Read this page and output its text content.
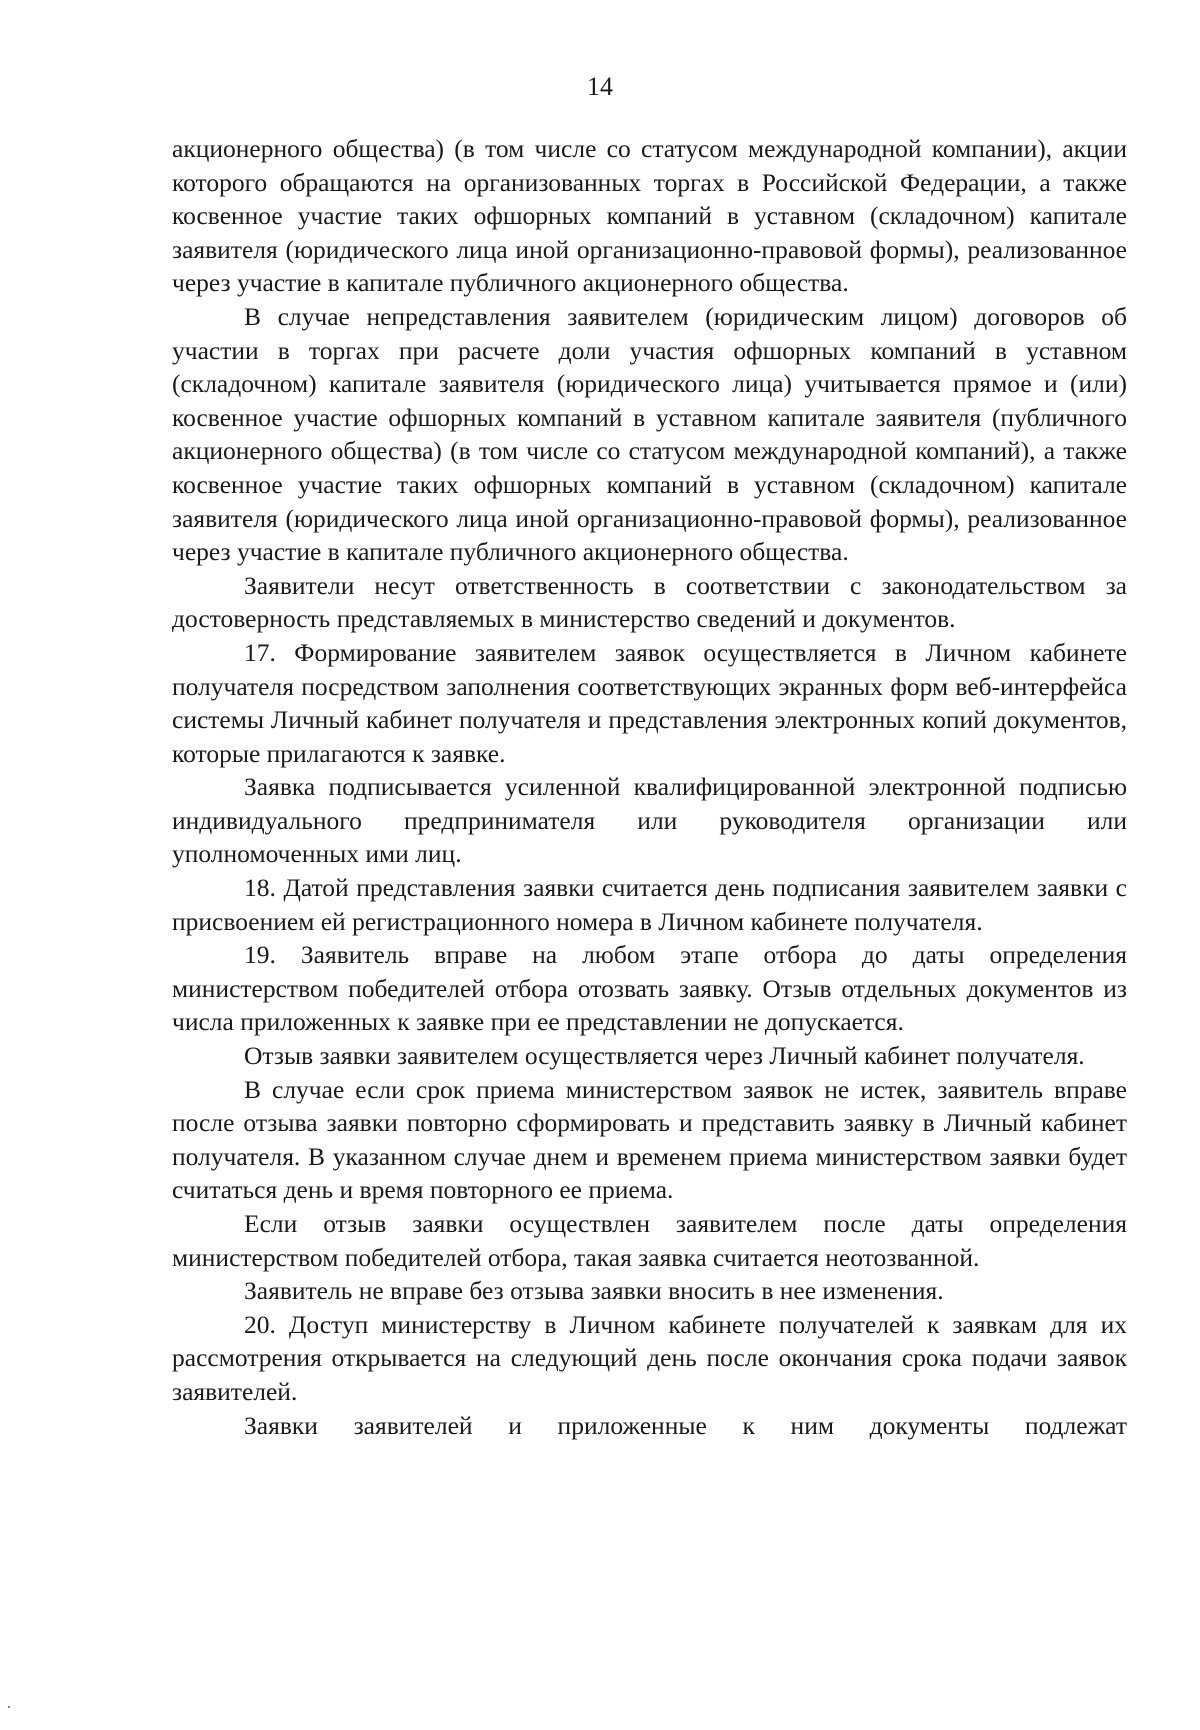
14

акционерного общества) (в том числе со статусом международной компании), акции которого обращаются на организованных торгах в Российской Федерации, а также косвенное участие таких офшорных компаний в уставном (складочном) капитале заявителя (юридического лица иной организационно-правовой формы), реализованное через участие в капитале публичного акционерного общества.

В случае непредставления заявителем (юридическим лицом) договоров об участии в торгах при расчете доли участия офшорных компаний в уставном (складочном) капитале заявителя (юридического лица) учитывается прямое и (или) косвенное участие офшорных компаний в уставном капитале заявителя (публичного акционерного общества) (в том числе со статусом международной компаний), а также косвенное участие таких офшорных компаний в уставном (складочном) капитале заявителя (юридического лица иной организационно-правовой формы), реализованное через участие в капитале публичного акционерного общества.

Заявители несут ответственность в соответствии с законодательством за достоверность представляемых в министерство сведений и документов.

17. Формирование заявителем заявок осуществляется в Личном кабинете получателя посредством заполнения соответствующих экранных форм веб-интерфейса системы Личный кабинет получателя и представления электронных копий документов, которые прилагаются к заявке.

Заявка подписывается усиленной квалифицированной электронной подписью индивидуального предпринимателя или руководителя организации или уполномоченных ими лиц.

18. Датой представления заявки считается день подписания заявителем заявки с присвоением ей регистрационного номера в Личном кабинете получателя.

19. Заявитель вправе на любом этапе отбора до даты определения министерством победителей отбора отозвать заявку. Отзыв отдельных документов из числа приложенных к заявке при ее представлении не допускается.

Отзыв заявки заявителем осуществляется через Личный кабинет получателя.

В случае если срок приема министерством заявок не истек, заявитель вправе после отзыва заявки повторно сформировать и представить заявку в Личный кабинет получателя. В указанном случае днем и временем приема министерством заявки будет считаться день и время повторного ее приема.

Если отзыв заявки осуществлен заявителем после даты определения министерством победителей отбора, такая заявка считается неотозванной.

Заявитель не вправе без отзыва заявки вносить в нее изменения.

20. Доступ министерству в Личном кабинете получателей к заявкам для их рассмотрения открывается на следующий день после окончания срока подачи заявок заявителей.

Заявки заявителей и приложенные к ним документы подлежат
